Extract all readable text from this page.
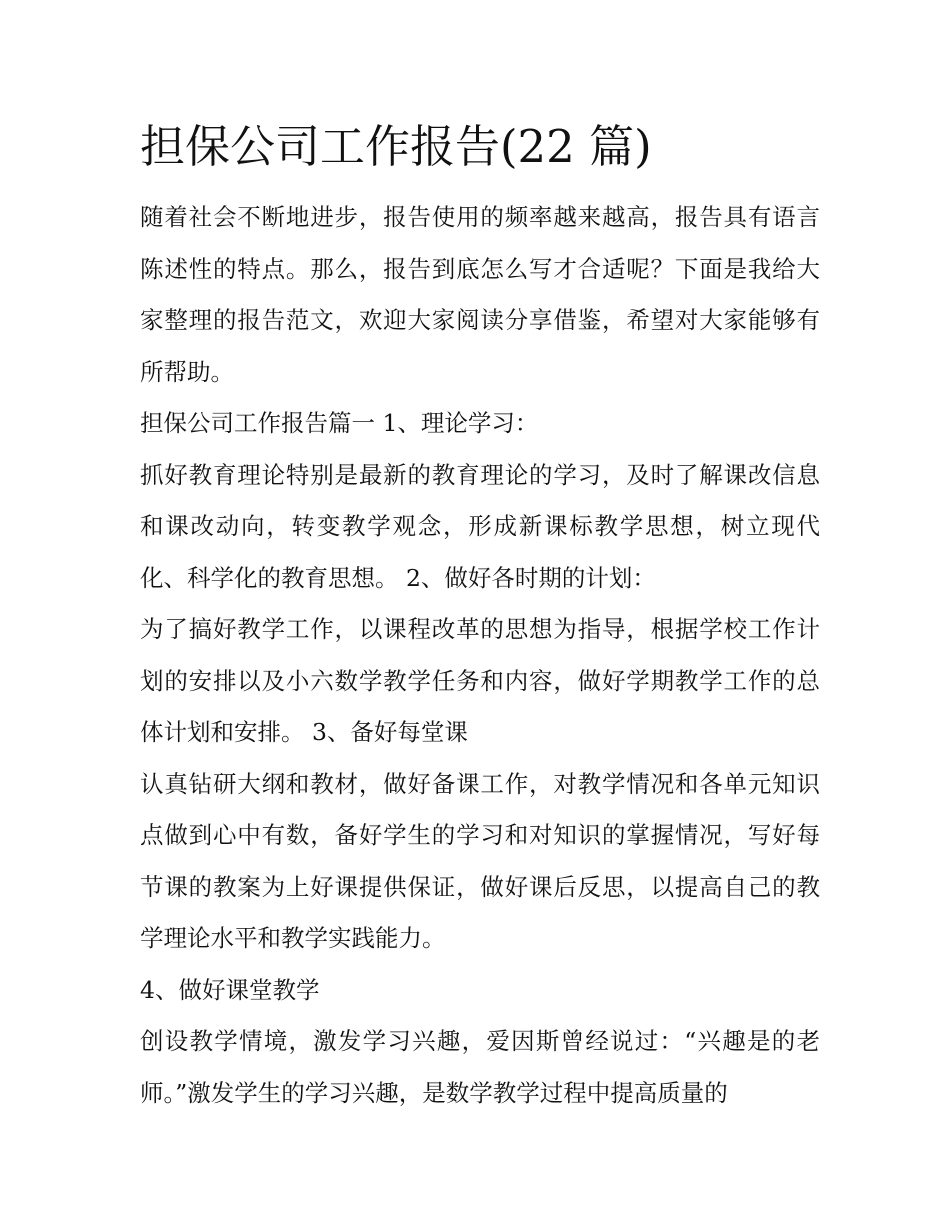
担保公司工作报告(22 篇)

随着社会不断地进步，报告使用的频率越来越高，报告具有语言陈述性的特点。那么，报告到底怎么写才合适呢？下面是我给大家整理的报告范文，欢迎大家阅读分享借鉴，希望对大家能够有所帮助。

担保公司工作报告篇一 1、理论学习：

抓好教育理论特别是最新的教育理论的学习，及时了解课改信息和课改动向，转变教学观念，形成新课标教学思想，树立现代化、科学化的教育思想。 2、做好各时期的计划：

为了搞好教学工作，以课程改革的思想为指导，根据学校工作计划的安排以及小六数学教学任务和内容，做好学期教学工作的总体计划和安排。 3、备好每堂课

认真钻研大纲和教材，做好备课工作，对教学情况和各单元知识点做到心中有数，备好学生的学习和对知识的掌握情况，写好每节课的教案为上好课提供保证，做好课后反思，以提高自己的教学理论水平和教学实践能力。

4、做好课堂教学

创设教学情境，激发学习兴趣，爱因斯曾经说过：“兴趣是的老师。”激发学生的学习兴趣，是数学教学过程中提高质量的
